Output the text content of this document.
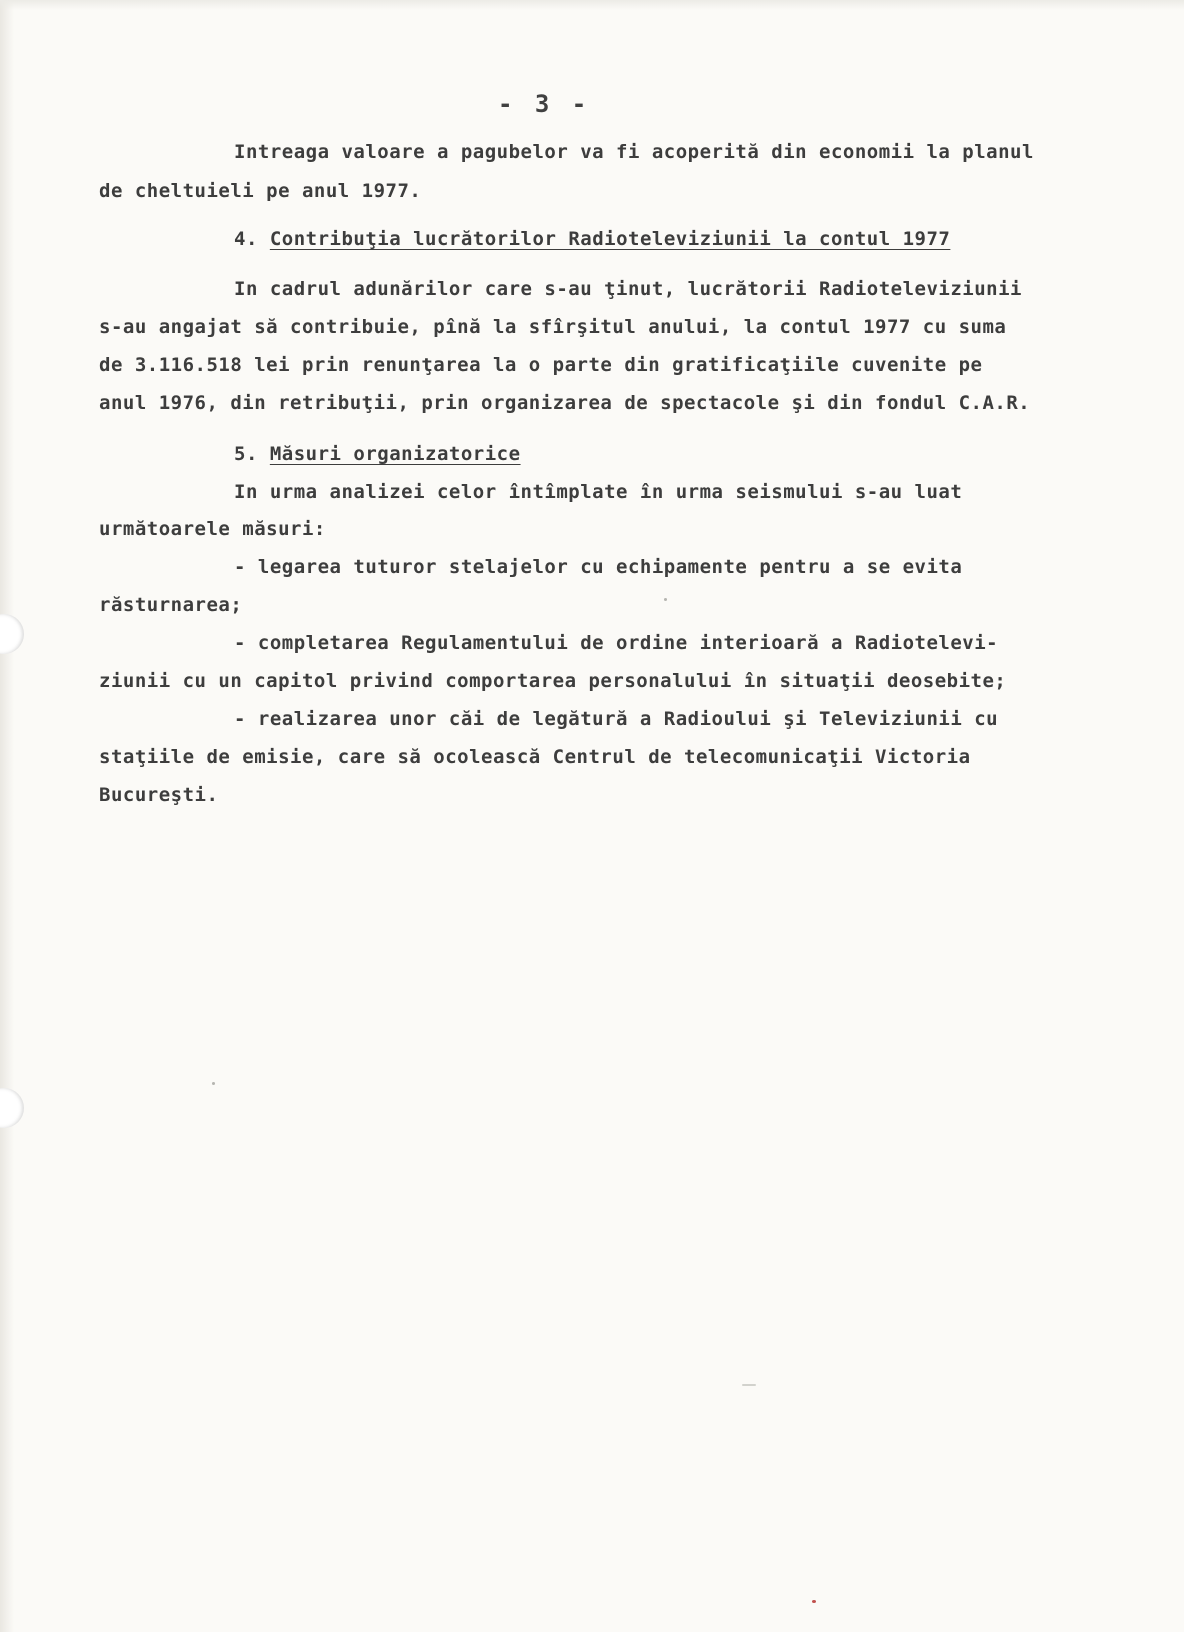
- 3 -
Intreaga valoare a pagubelor va fi acoperită din economii la planul
de cheltuieli pe anul 1977.
4. Contribuţia lucrătorilor Radioteleviziunii la contul 1977
In cadrul adunărilor care s-au ţinut, lucrătorii Radioteleviziunii
s-au angajat să contribuie, pînă la sfîrşitul anului, la contul 1977 cu suma
de 3.116.518 lei prin renunţarea la o parte din gratificaţiile cuvenite pe
anul 1976, din retribuţii, prin organizarea de spectacole şi din fondul C.A.R.
5. Măsuri organizatorice
In urma analizei celor întîmplate în urma seismului s-au luat
următoarele măsuri:
- legarea tuturor stelajelor cu echipamente pentru a se evita
răsturnarea;
- completarea Regulamentului de ordine interioară a Radiotelevi-
ziunii cu un capitol privind comportarea personalului în situaţii deosebite;
- realizarea unor căi de legătură a Radioului şi Televiziunii cu
staţiile de emisie, care să ocolească Centrul de telecomunicaţii Victoria
Bucureşti.
